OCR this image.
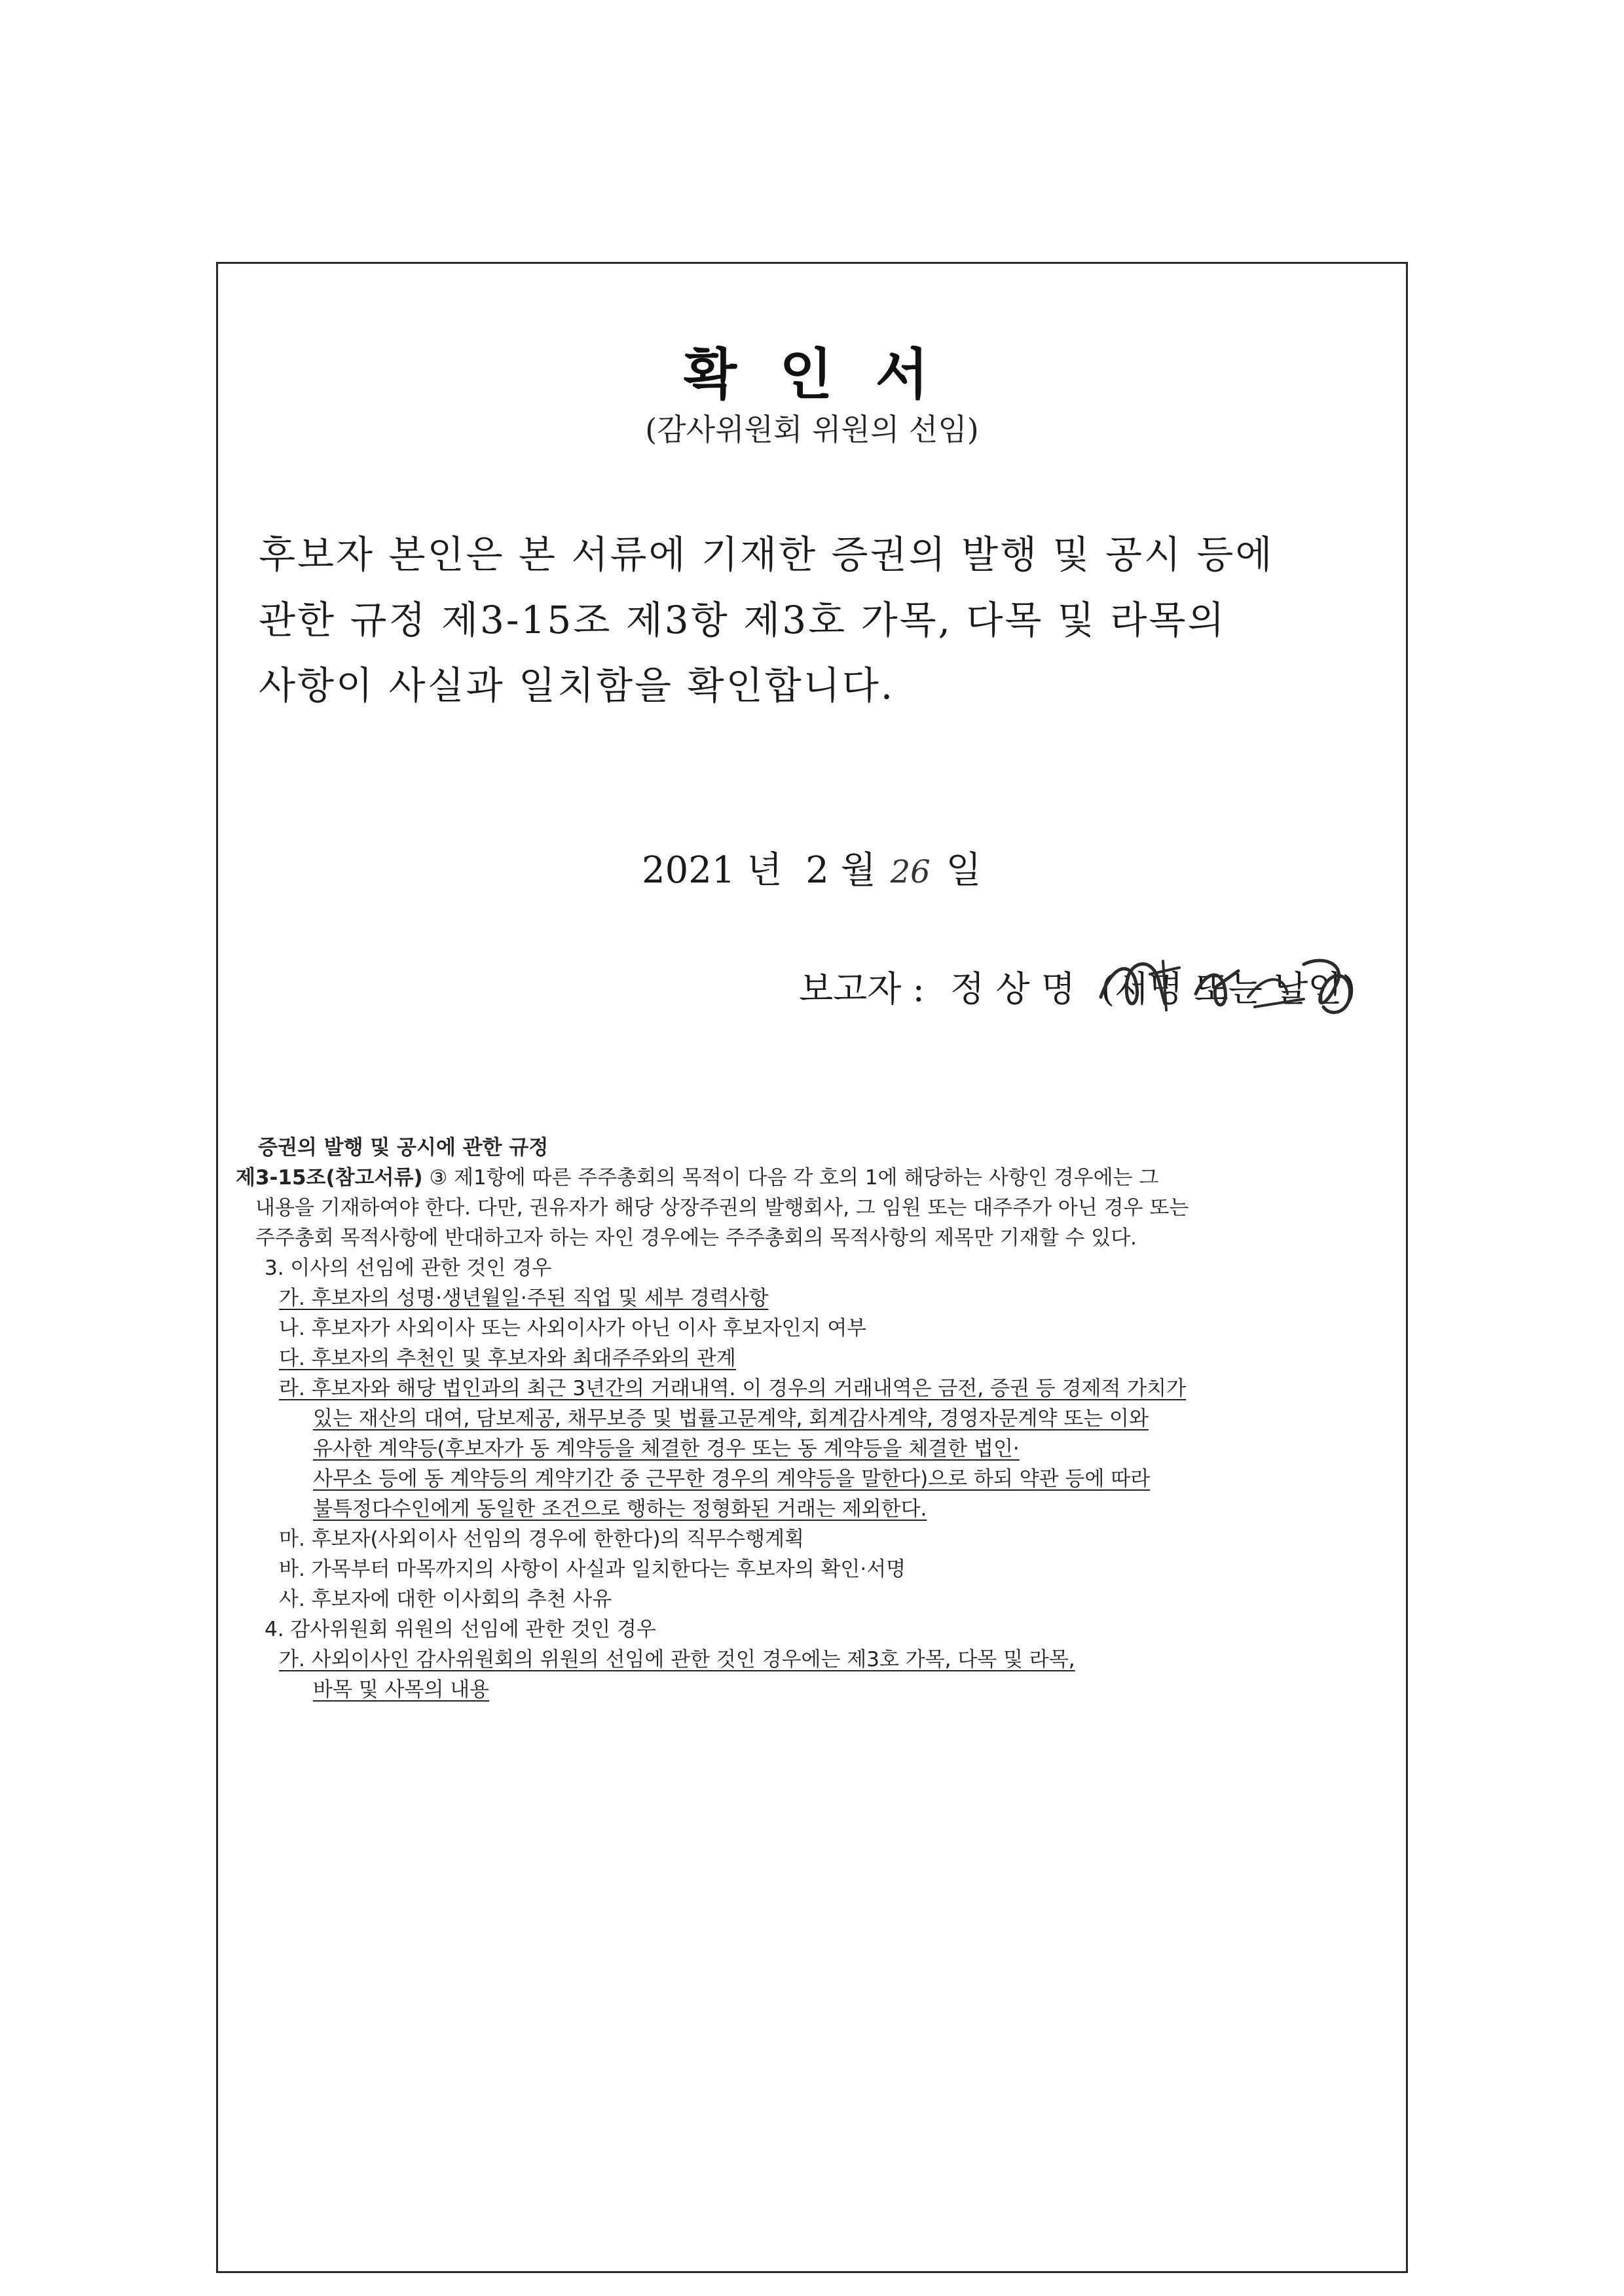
확 인 서
(감사위원회 위원의 선임)
후보자 본인은 본 서류에 기재한 증권의 발행 및 공시 등에
관한 규정 제3-15조 제3항 제3호 가목, 다목 및 라목의
사항이 사실과 일치함을 확인합니다.
2021 년 2 월 26 일
보고자 : 정 상 명 (서명 또는 날인)
증권의 발행 및 공시에 관한 규정
제3-15조(참고서류) ③ 제1항에 따른 주주총회의 목적이 다음 각 호의 1에 해당하는 사항인 경우에는 그
내용을 기재하여야 한다. 다만, 권유자가 해당 상장주권의 발행회사, 그 임원 또는 대주주가 아닌 경우 또는
주주총회 목적사항에 반대하고자 하는 자인 경우에는 주주총회의 목적사항의 제목만 기재할 수 있다.
3. 이사의 선임에 관한 것인 경우
가. 후보자의 성명·생년월일·주된 직업 및 세부 경력사항
나. 후보자가 사외이사 또는 사외이사가 아닌 이사 후보자인지 여부
다. 후보자의 추천인 및 후보자와 최대주주와의 관계
라. 후보자와 해당 법인과의 최근 3년간의 거래내역. 이 경우의 거래내역은 금전, 증권 등 경제적 가치가
있는 재산의 대여, 담보제공, 채무보증 및 법률고문계약, 회계감사계약, 경영자문계약 또는 이와
유사한 계약등(후보자가 동 계약등을 체결한 경우 또는 동 계약등을 체결한 법인·
사무소 등에 동 계약등의 계약기간 중 근무한 경우의 계약등을 말한다)으로 하되 약관 등에 따라
불특정다수인에게 동일한 조건으로 행하는 정형화된 거래는 제외한다.
마. 후보자(사외이사 선임의 경우에 한한다)의 직무수행계획
바. 가목부터 마목까지의 사항이 사실과 일치한다는 후보자의 확인·서명
사. 후보자에 대한 이사회의 추천 사유
4. 감사위원회 위원의 선임에 관한 것인 경우
가. 사외이사인 감사위원회의 위원의 선임에 관한 것인 경우에는 제3호 가목, 다목 및 라목,
바목 및 사목의 내용
